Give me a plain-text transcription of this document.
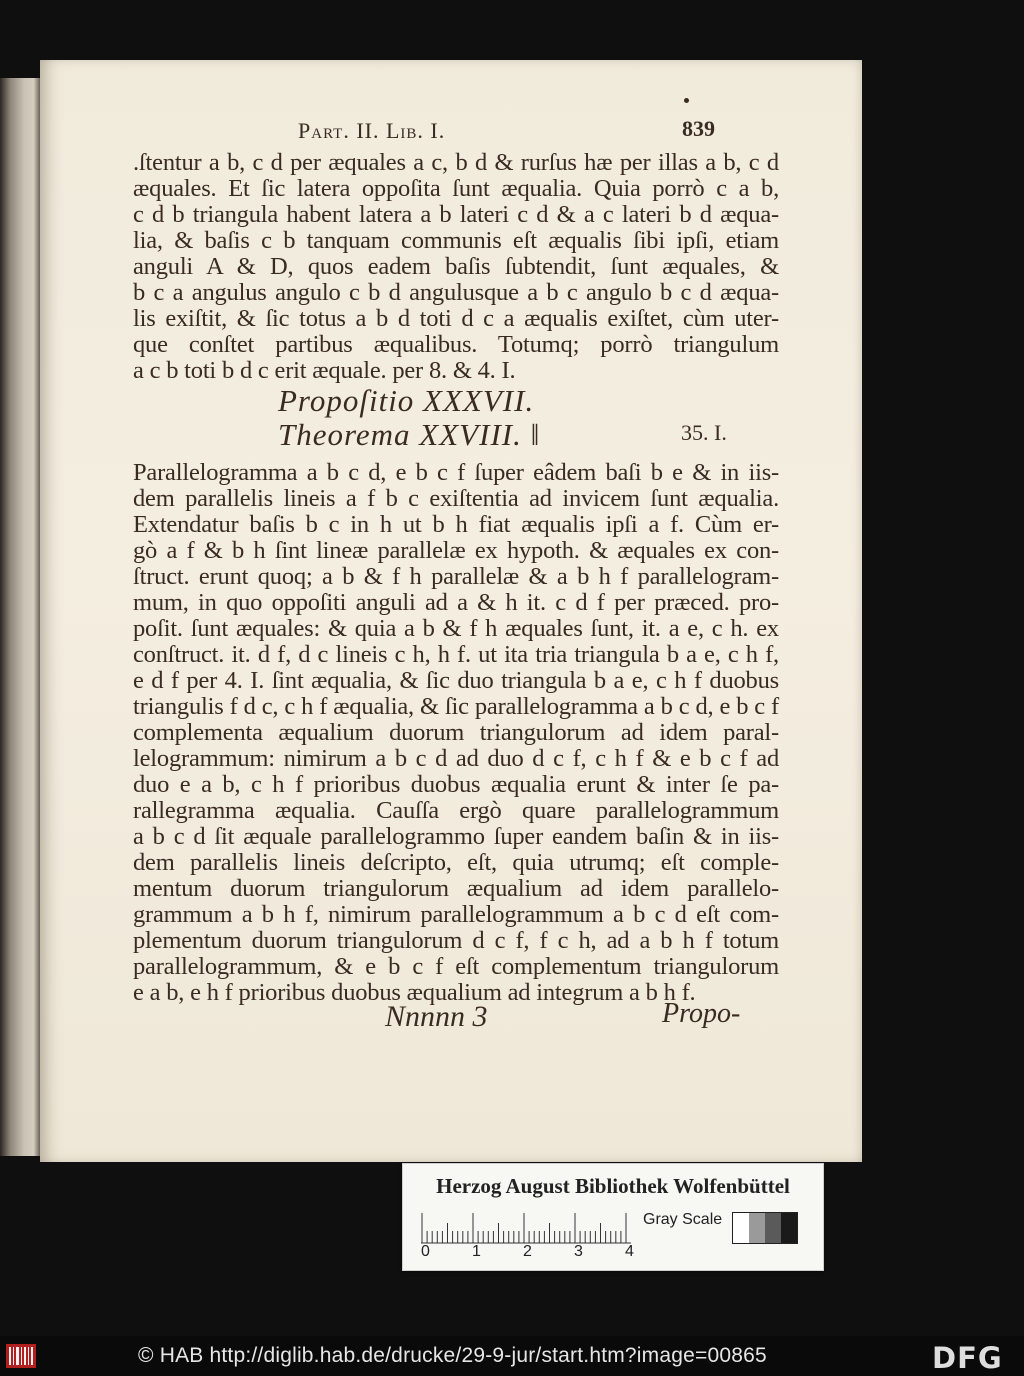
Part. II. Lib. I.	839
.ſtentur a b, c d per æquales a c, b d & rurſus hæ per illas a b, c d
æquales. Et ſic latera oppoſita ſunt æqualia. Quia porrò c a b,
c d b triangula habent latera a b lateri c d & a c lateri b d æqua-
lia, & baſis c b tanquam communis eſt æqualis ſibi ipſi, etiam
anguli A & D, quos eadem baſis ſubtendit, ſunt æquales, &
b c a angulus angulo c b d angulusque a b c angulo b c d æqua-
lis exiſtit, & ſic totus a b d toti d c a æqualis exiſtet, cùm uter-
que conſtet partibus æqualibus. Totumq; porrò triangulum
a c b toti b d c erit æquale. per 8. & 4. I.
Propoſitio XXXVII.
Theorema XXVIII. ‖	35. I.
Parallelogramma a b c d, e b c f ſuper eâdem baſi b e & in iis-
dem parallelis lineis a f b c exiſtentia ad invicem ſunt æqualia.
Extendatur baſis b c in h ut b h fiat æqualis ipſi a f. Cùm er-
gò a f & b h ſint lineæ parallelæ ex hypoth. & æquales ex con-
ſtruct. erunt quoq; a b & f h parallelæ & a b h f parallelogram-
mum, in quo oppoſiti anguli ad a & h it. c d f per præced. pro-
poſit. ſunt æquales: & quia a b & f h æquales ſunt, it. a e, c h. ex
conſtruct. it. d f, d c lineis c h, h f. ut ita tria triangula b a e, c h f,
e d f per 4. I. ſint æqualia, & ſic duo triangula b a e, c h f duobus
triangulis f d c, c h f æqualia, & ſic parallelogramma a b c d, e b c f
complementa æqualium duorum triangulorum ad idem paral-
lelogrammum: nimirum a b c d ad duo d c f, c h f & e b c f ad
duo e a b, c h f prioribus duobus æqualia erunt & inter ſe pa-
rallegramma æqualia. Cauſſa ergò quare parallelogrammum
a b c d ſit æquale parallelogrammo ſuper eandem baſin & in iis-
dem parallelis lineis deſcripto, eſt, quia utrumq; eſt comple-
mentum duorum triangulorum æqualium ad idem parallelo-
grammum a b h f, nimirum parallelogrammum a b c d eſt com-
plementum duorum triangulorum d c f, f c h, ad a b h f totum
parallelogrammum, & e b c f eſt complementum triangulorum
e a b, e h f prioribus duobus æqualium ad integrum a b h f.
Nnnnn 3	Propo-
Herzog August Bibliothek Wolfenbüttel
0	1	2	3	4
Gray Scale
© HAB http://diglib.hab.de/drucke/29-9-jur/start.htm?image=00865	DFG
